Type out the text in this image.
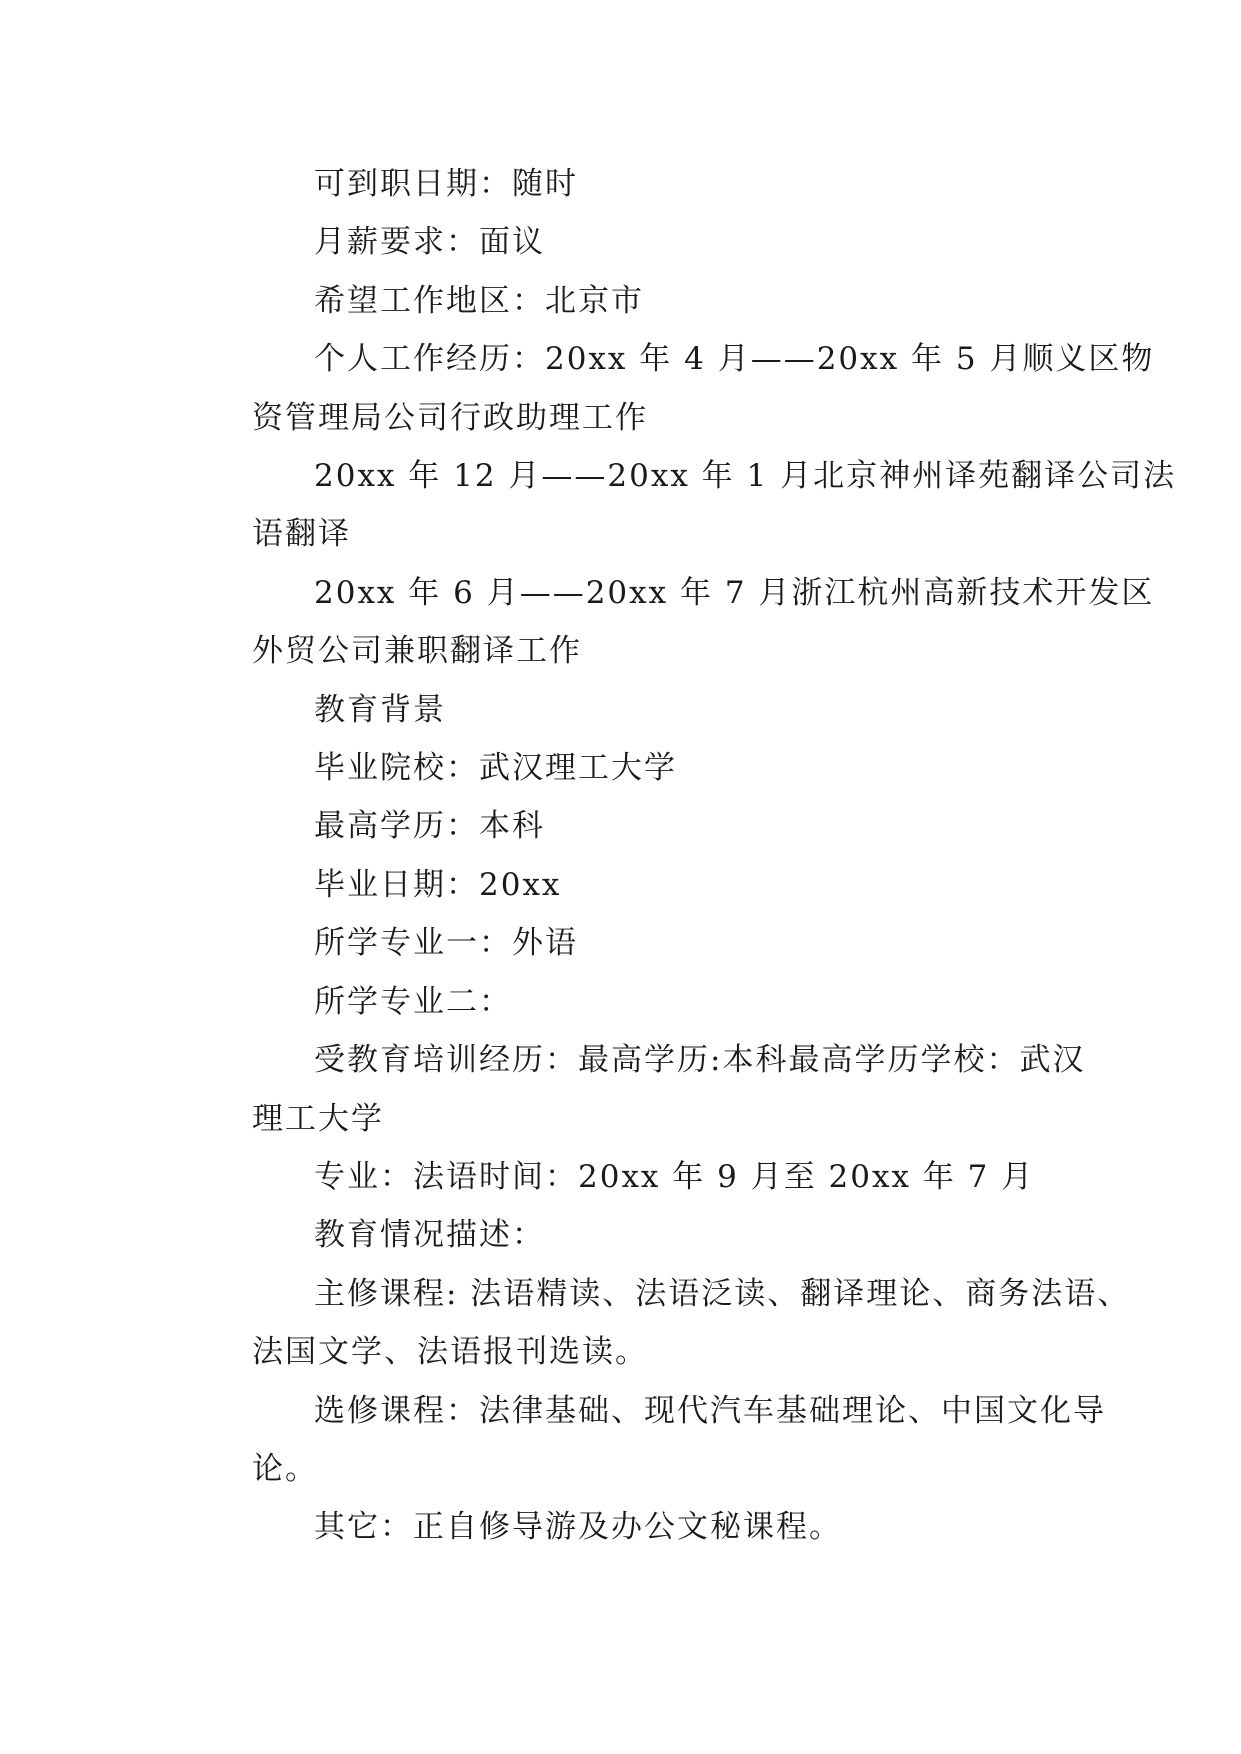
可到职日期：随时
月薪要求：面议
希望工作地区：北京市
个人工作经历：20xx 年 4 月——20xx 年 5 月顺义区物
资管理局公司行政助理工作
20xx 年 12 月——20xx 年 1 月北京神州译苑翻译公司法
语翻译
20xx 年 6 月——20xx 年 7 月浙江杭州高新技术开发区
外贸公司兼职翻译工作
教育背景
毕业院校：武汉理工大学
最高学历：本科
毕业日期：20xx
所学专业一：外语
所学专业二：
受教育培训经历：最高学历:本科最高学历学校：武汉
理工大学
专业：法语时间：20xx 年 9 月至 20xx 年 7 月
教育情况描述：
主修课程: 法语精读、法语泛读、翻译理论、商务法语、
法国文学、法语报刊选读。
选修课程：法律基础、现代汽车基础理论、中国文化导
论。
其它：正自修导游及办公文秘课程。
